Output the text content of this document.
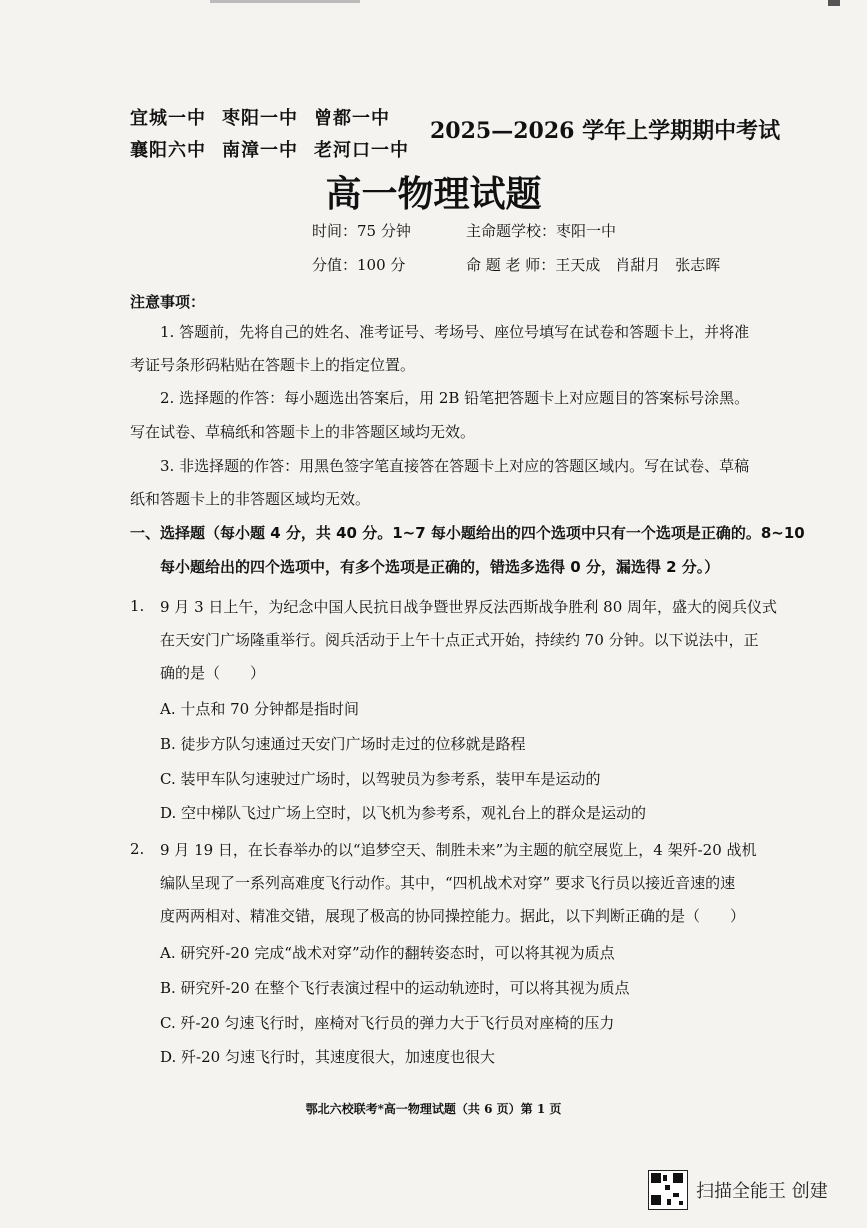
宜城一中 枣阳一中 曾都一中
襄阳六中 南漳一中 老河口一中
2025—2026 学年上学期期中考试
高一物理试题
时间：75 分钟	主命题学校：枣阳一中
分值：100 分	命 题 老 师：王天成　肖甜月　张志晖
注意事项：
1. 答题前，先将自己的姓名、准考证号、考场号、座位号填写在试卷和答题卡上，并将准
考证号条形码粘贴在答题卡上的指定位置。
2. 选择题的作答：每小题选出答案后，用 2B 铅笔把答题卡上对应题目的答案标号涂黑。
写在试卷、草稿纸和答题卡上的非答题区域均无效。
3. 非选择题的作答：用黑色签字笔直接答在答题卡上对应的答题区域内。写在试卷、草稿
纸和答题卡上的非答题区域均无效。
一、选择题（每小题 4 分，共 40 分。1~7 每小题给出的四个选项中只有一个选项是正确的。8~10
每小题给出的四个选项中，有多个选项是正确的，错选多选得 0 分，漏选得 2 分。）
1. 9 月 3 日上午，为纪念中国人民抗日战争暨世界反法西斯战争胜利 80 周年，盛大的阅兵仪式
在天安门广场隆重举行。阅兵活动于上午十点正式开始，持续约 70 分钟。以下说法中，正
确的是（　　）
A. 十点和 70 分钟都是指时间
B. 徒步方队匀速通过天安门广场时走过的位移就是路程
C. 装甲车队匀速驶过广场时，以驾驶员为参考系，装甲车是运动的
D. 空中梯队飞过广场上空时，以飞机为参考系，观礼台上的群众是运动的
2. 9 月 19 日，在长春举办的以“追梦空天、制胜未来”为主题的航空展览上，4 架歼-20 战机
编队呈现了一系列高难度飞行动作。其中，“四机战术对穿” 要求飞行员以接近音速的速
度两两相对、精准交错，展现了极高的协同操控能力。据此，以下判断正确的是（　　）
A. 研究歼-20 完成“战术对穿”动作的翻转姿态时，可以将其视为质点
B. 研究歼-20 在整个飞行表演过程中的运动轨迹时，可以将其视为质点
C. 歼-20 匀速飞行时，座椅对飞行员的弹力大于飞行员对座椅的压力
D. 歼-20 匀速飞行时，其速度很大，加速度也很大
鄂北六校联考*高一物理试题（共 6 页）第 1 页
扫描全能王 创建
